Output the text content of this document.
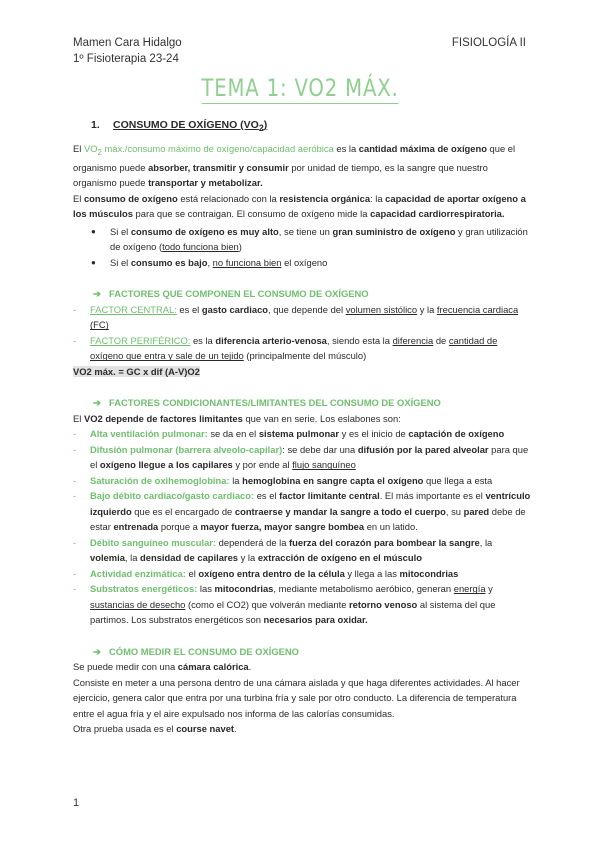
Mamen Cara Hidalgo
1º Fisioterapia 23-24
FISIOLOGÍA II
TEMA 1: VO2 MÁX.
1. CONSUMO DE OXÍGENO $(VO_2)$

El $VO_2$ máx./consumo máximo de oxígeno/capacidad aeróbica es la cantidad máxima de oxígeno que el organismo puede absorber, transmitir y consumir por unidad de tiempo, es la sangre que nuestro organismo puede transportar y metabolizar.

El consumo de oxígeno está relacionado con la resistencia orgánica: la capacidad de aportar oxígeno a los músculos para que se contraigan. El consumo de oxígeno mide la capacidad cardiorrespiratoria.

● Si el consumo de oxígeno es muy alto, se tiene un gran suministro de oxígeno y gran utilización de oxígeno (todo funciona bien)
● Si el consumo es bajo, no funciona bien el oxígeno
➔ FACTORES QUE COMPONEN EL CONSUMO DE OXÍGENO
- FACTOR CENTRAL: es el gasto cardiaco, que depende del volumen sistólico y la frecuencia cardiaca (FC)
- FACTOR PERIFÉRICO: es la diferencia arterio-venosa, siendo esta la diferencia de cantidad de oxígeno que entra y sale de un tejido (principalmente del músculo)

VO2 máx. = GC x dif (A-V)O2

➔ FACTORES CONDICIONANTES/LIMITANTES DEL CONSUMO DE OXÍGENO

El VO2 depende de factores limitantes que van en serie. Los eslabones son:

- Alta ventilación pulmonar: se da en el sistema pulmonar y es el inicio de captación de oxígeno
- Difusión pulmonar (barrera alveolo-capilar): se debe dar una difusión por la pared alveolar para que el oxígeno llegue a los capilares y por ende al flujo sanguíneo
- Saturación de oxihemoglobina: la hemoglobina en sangre capta el oxígeno que llega a esta
- Bajo débito cardiaco/gasto cardiaco: es el factor limitante central. El más importante es el ventrículo izquierdo que es el encargado de contraerse y mandar la sangre a todo el cuerpo, su pared debe de estar entrenada porque a mayor fuerza, mayor sangre bombea en un latido.
- Débito sanguíneo muscular: dependerá de la fuerza del corazón para bombear la sangre, la volemia, la densidad de capilares y la extracción de oxígeno en el músculo
- Actividad enzimática: el oxígeno entra dentro de la célula y llega a las mitocondrias
- Substratos energéticos: las mitocondrias, mediante metabolismo aeróbico, generan energía y sustancias de desecho (como el CO2) que volverán mediante retorno venoso al sistema del que partimos. Los substratos energéticos son necesarios para oxidar.
➔ CÓMO MEDIR EL CONSUMO DE OXÍGENO

Se puede medir con una cámara calórica.

Consiste en meter a una persona dentro de una cámara aislada y que haga diferentes actividades. Al hacer ejercicio, genera calor que entra por una turbina fría y sale por otro conducto. La diferencia de temperatura entre el agua fría y el aire expulsado nos informa de las calorías consumidas.

Otra prueba usada es el course navet.

1
